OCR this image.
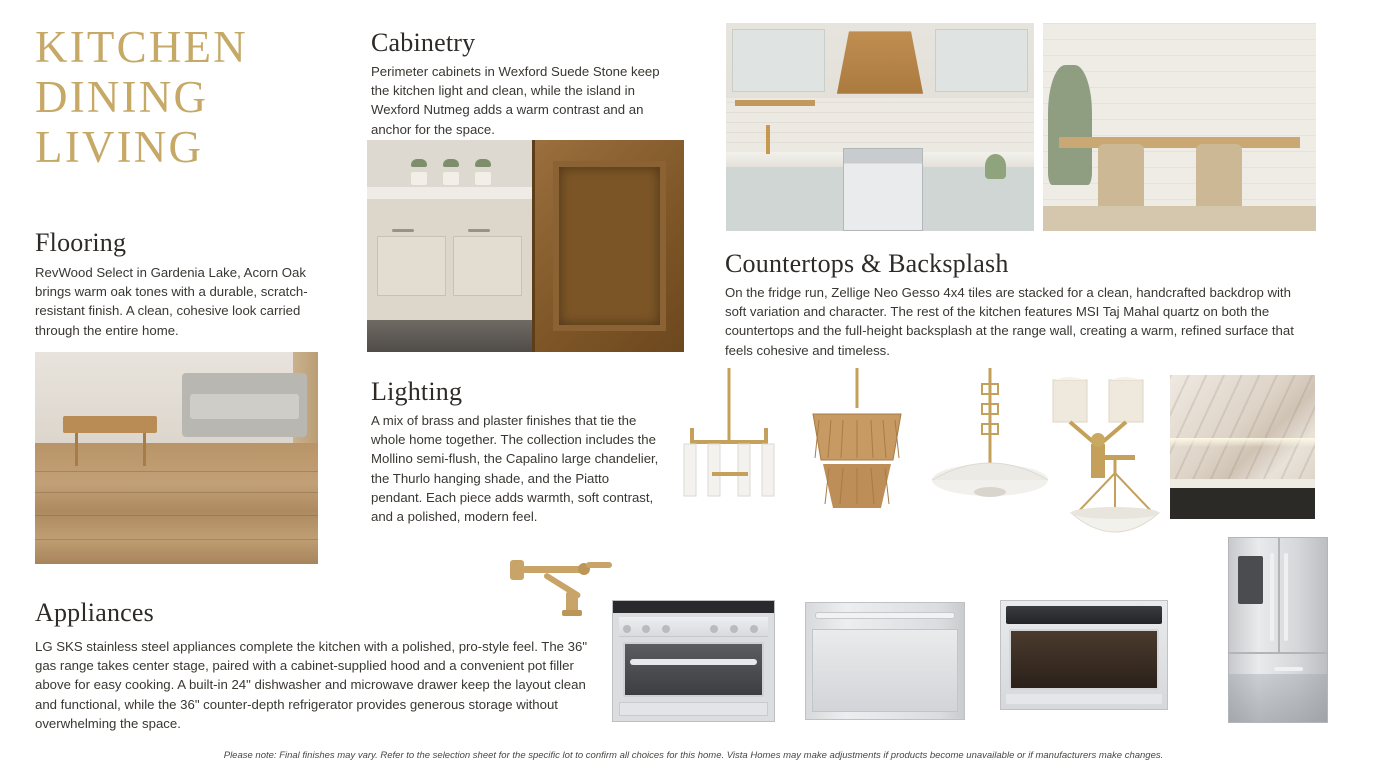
KITCHEN
DINING
LIVING
Flooring
RevWood Select in Gardenia Lake, Acorn Oak brings warm oak tones with a durable, scratch-resistant finish. A clean, cohesive look carried through the entire home.
Cabinetry
Perimeter cabinets in Wexford Suede Stone keep the kitchen light and clean, while the island in Wexford Nutmeg adds a warm contrast and an anchor for the space.
Lighting
A mix of brass and plaster finishes that tie the whole home together. The collection includes the Mollino semi-flush, the Capalino large chandelier, the Thurlo hanging shade, and the Piatto pendant. Each piece adds warmth, soft contrast, and a polished, modern feel.
Countertops & Backsplash
On the fridge run, Zellige Neo Gesso 4x4 tiles are stacked for a clean, handcrafted backdrop with soft variation and character. The rest of the kitchen features MSI Taj Mahal quartz on both the countertops and the full-height backsplash at the range wall, creating a warm, refined surface that feels cohesive and timeless.
Appliances
LG SKS stainless steel appliances complete the kitchen with a polished, pro-style feel. The 36" gas range takes center stage, paired with a cabinet-supplied hood and a convenient pot filler above for easy cooking. A built-in 24" dishwasher and microwave drawer keep the layout clean and functional, while the 36" counter-depth refrigerator provides generous storage without overwhelming the space.
Please note: Final finishes may vary. Refer to the selection sheet for the specific lot to confirm all choices for this home. Vista Homes may make adjustments if products become unavailable or if manufacturers make changes.
